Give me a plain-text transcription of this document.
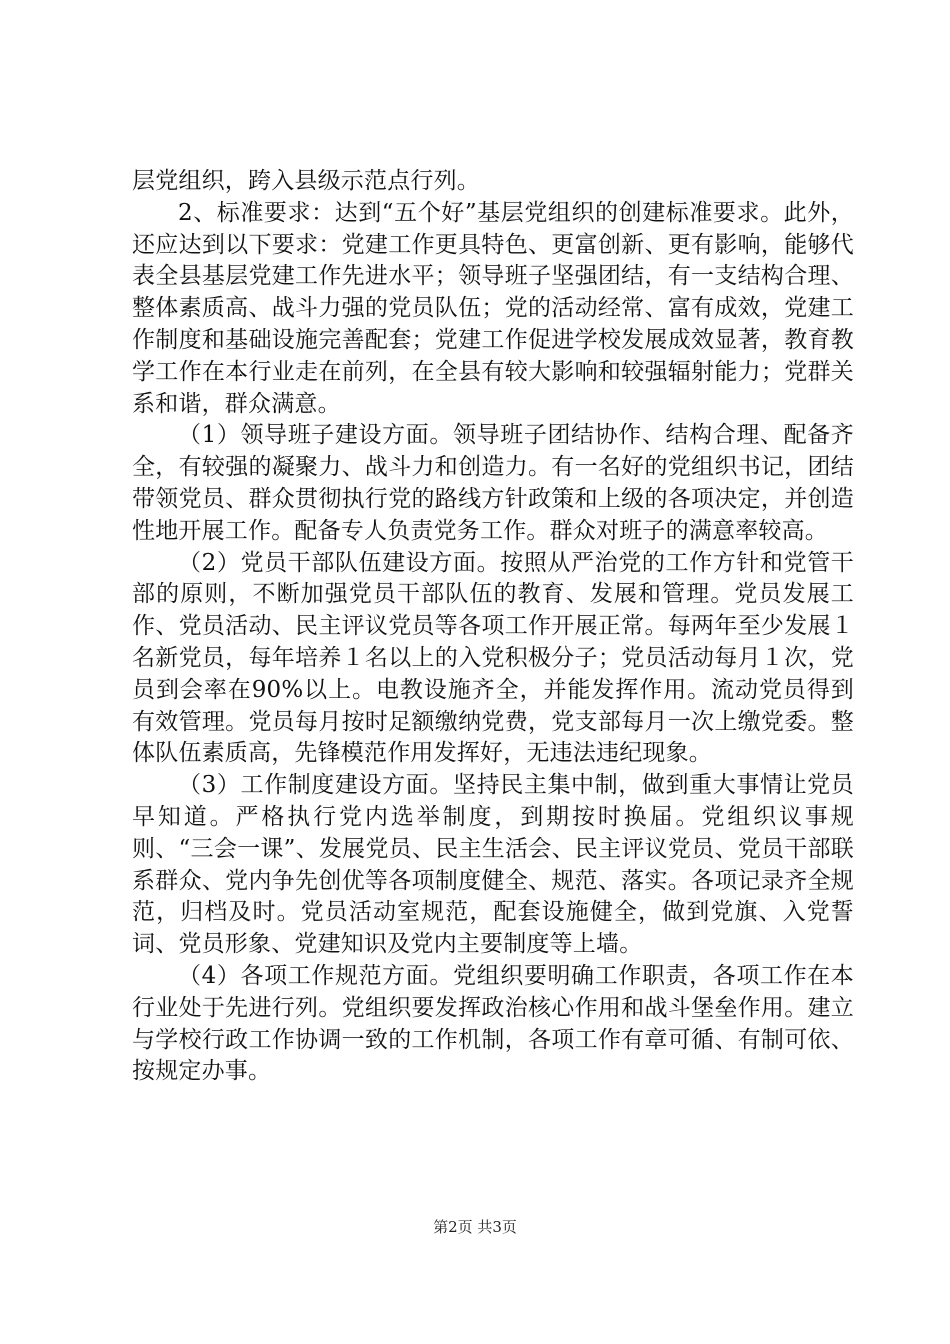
层党组织，跨入县级示范点行列。

2、标准要求：达到“五个好”基层党组织的创建标准要求。此外，还应达到以下要求：党建工作更具特色、更富创新、更有影响，能够代表全县基层党建工作先进水平；领导班子坚强团结，有一支结构合理、整体素质高、战斗力强的党员队伍；党的活动经常、富有成效，党建工作制度和基础设施完善配套；党建工作促进学校发展成效显著，教育教学工作在本行业走在前列，在全县有较大影响和较强辐射能力；党群关系和谐，群众满意。

（1）领导班子建设方面。领导班子团结协作、结构合理、配备齐全，有较强的凝聚力、战斗力和创造力。有一名好的党组织书记，团结带领党员、群众贯彻执行党的路线方针政策和上级的各项决定，并创造性地开展工作。配备专人负责党务工作。群众对班子的满意率较高。

（2）党员干部队伍建设方面。按照从严治党的工作方针和党管干部的原则，不断加强党员干部队伍的教育、发展和管理。党员发展工作、党员活动、民主评议党员等各项工作开展正常。每两年至少发展１名新党员，每年培养１名以上的入党积极分子；党员活动每月１次，党员到会率在90%以上。电教设施齐全，并能发挥作用。流动党员得到有效管理。党员每月按时足额缴纳党费，党支部每月一次上缴党委。整体队伍素质高，先锋模范作用发挥好，无违法违纪现象。

（3）工作制度建设方面。坚持民主集中制，做到重大事情让党员早知道。严格执行党内选举制度，到期按时换届。党组织议事规则、“三会一课”、发展党员、民主生活会、民主评议党员、党员干部联系群众、党内争先创优等各项制度健全、规范、落实。各项记录齐全规范，归档及时。党员活动室规范，配套设施健全，做到党旗、入党誓词、党员形象、党建知识及党内主要制度等上墙。

（4）各项工作规范方面。党组织要明确工作职责，各项工作在本行业处于先进行列。党组织要发挥政治核心作用和战斗堡垒作用。建立与学校行政工作协调一致的工作机制，各项工作有章可循、有制可依、按规定办事。

第2页 共3页
